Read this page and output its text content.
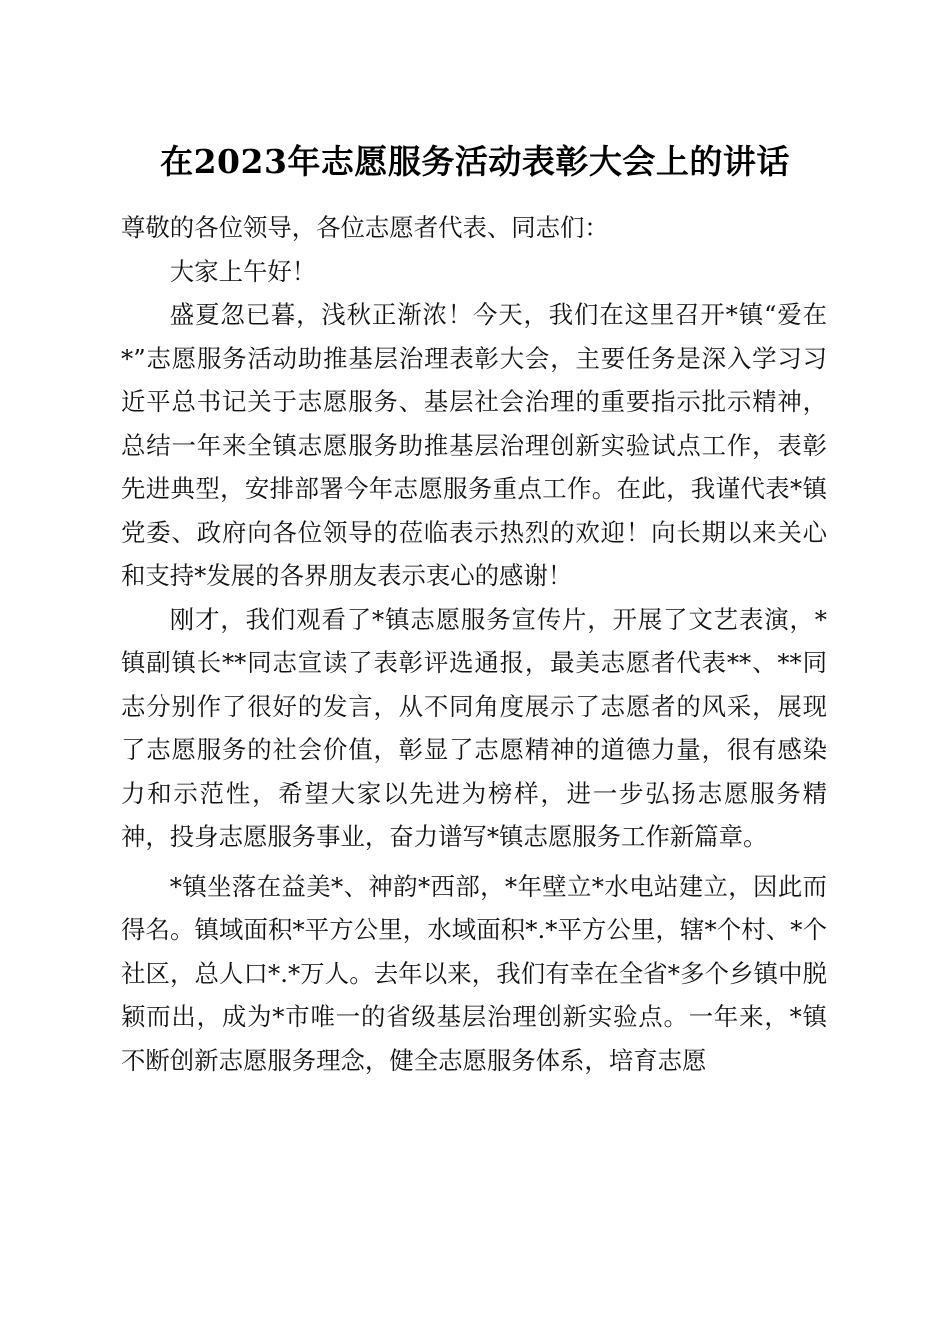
在2023年志愿服务活动表彰大会上的讲话

尊敬的各位领导，各位志愿者代表、同志们：

大家上午好！

盛夏忽已暮，浅秋正渐浓！今天，我们在这里召开*镇“爱在*”志愿服务活动助推基层治理表彰大会，主要任务是深入学习习近平总书记关于志愿服务、基层社会治理的重要指示批示精神，总结一年来全镇志愿服务助推基层治理创新实验试点工作，表彰先进典型，安排部署今年志愿服务重点工作。在此，我谨代表*镇党委、政府向各位领导的莅临表示热烈的欢迎！向长期以来关心和支持*发展的各界朋友表示衷心的感谢！

刚才，我们观看了*镇志愿服务宣传片，开展了文艺表演，*镇副镇长**同志宣读了表彰评选通报，最美志愿者代表**、**同志分别作了很好的发言，从不同角度展示了志愿者的风采，展现了志愿服务的社会价值，彰显了志愿精神的道德力量，很有感染力和示范性，希望大家以先进为榜样，进一步弘扬志愿服务精神，投身志愿服务事业，奋力谱写*镇志愿服务工作新篇章。

*镇坐落在益美*、神韵*西部，*年壁立*水电站建立，因此而得名。镇域面积*平方公里，水域面积*.*平方公里，辖*个村、*个社区，总人口*.*万人。去年以来，我们有幸在全省*多个乡镇中脱颖而出，成为*市唯一的省级基层治理创新实验点。一年来，*镇不断创新志愿服务理念，健全志愿服务体系，培育志愿
